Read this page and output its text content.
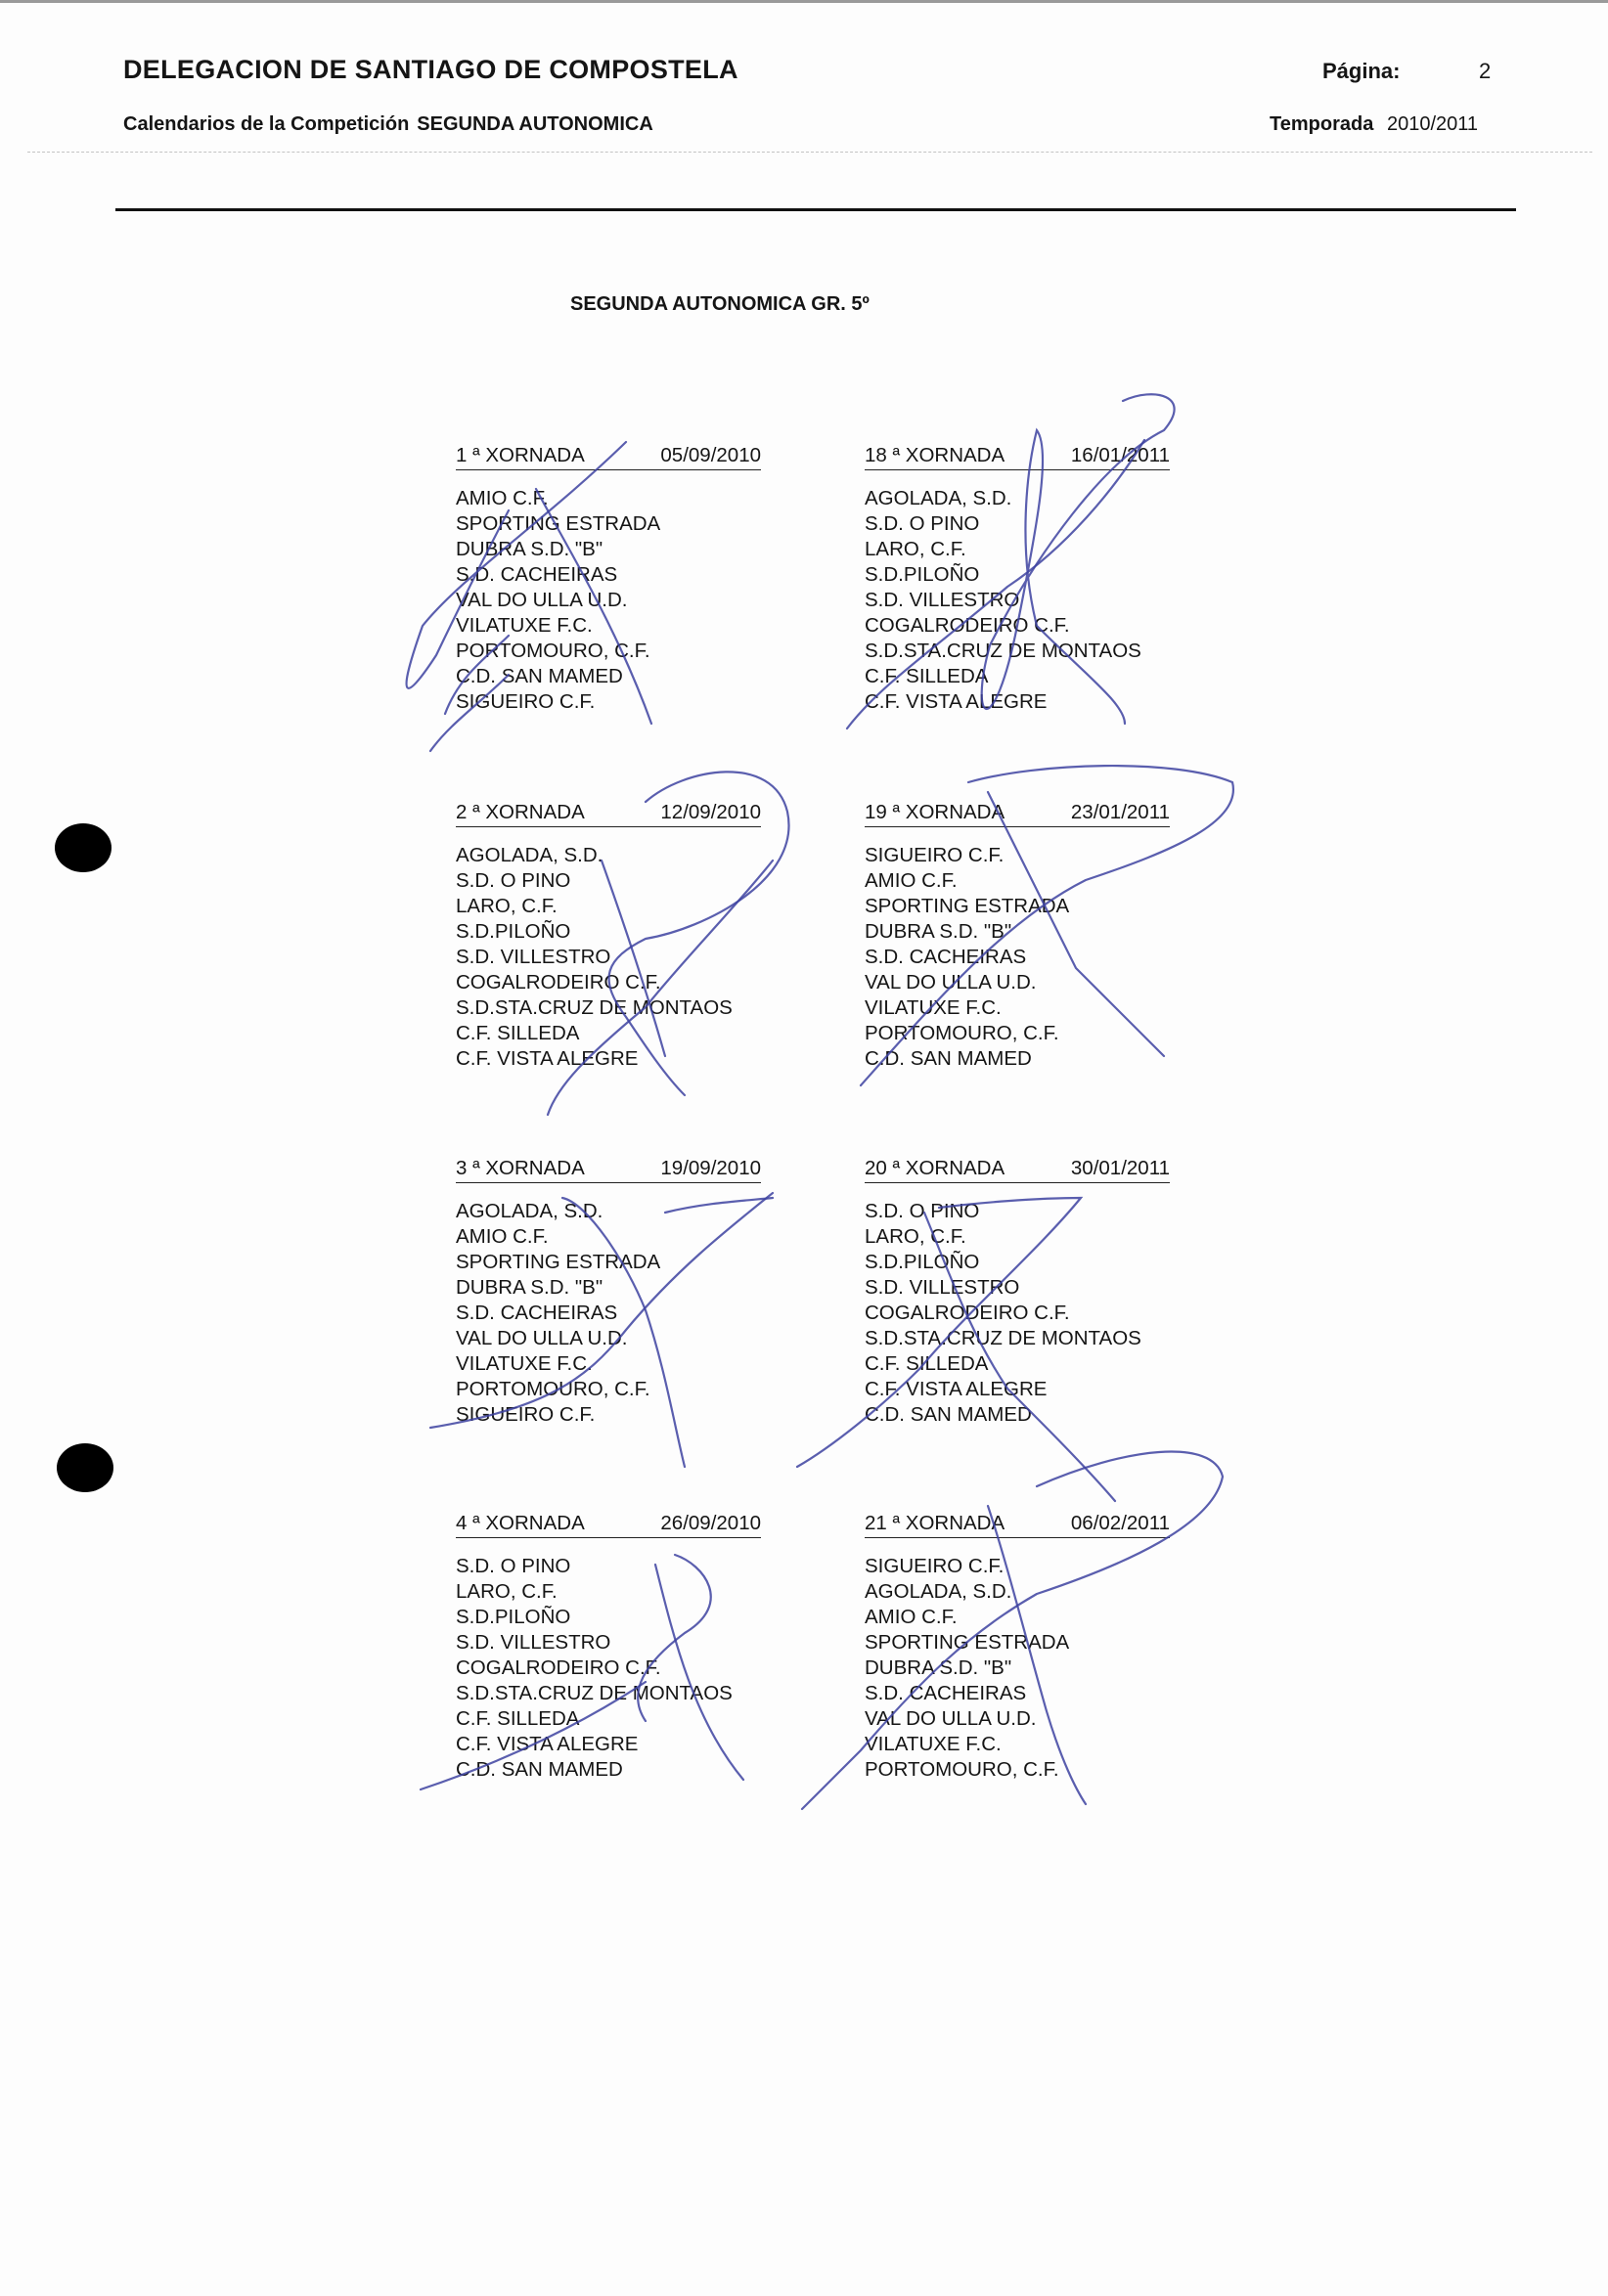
DELEGACION DE SANTIAGO DE COMPOSTELA	Página:	2
Calendarios de la Competición SEGUNDA AUTONOMICA	Temporada 2010/2011
SEGUNDA AUTONOMICA GR. 5º
1 ª XORNADA	05/09/2010
AMIO C.F.
SPORTING ESTRADA
DUBRA S.D. "B"
S.D. CACHEIRAS
VAL DO ULLA U.D.
VILATUXE F.C.
PORTOMOURO, C.F.
C.D. SAN MAMED
SIGUEIRO C.F.
18 ª XORNADA	16/01/2011
AGOLADA, S.D.
S.D. O PINO
LARO, C.F.
S.D.PILOÑO
S.D. VILLESTRO
COGALRODEIRO C.F.
S.D.STA.CRUZ DE MONTAOS
C.F. SILLEDA
C.F. VISTA ALEGRE
2 ª XORNADA	12/09/2010
AGOLADA, S.D.
S.D. O PINO
LARO, C.F.
S.D.PILOÑO
S.D. VILLESTRO
COGALRODEIRO C.F.
S.D.STA.CRUZ DE MONTAOS
C.F. SILLEDA
C.F. VISTA ALEGRE
19 ª XORNADA	23/01/2011
SIGUEIRO C.F.
AMIO C.F.
SPORTING ESTRADA
DUBRA S.D. "B"
S.D. CACHEIRAS
VAL DO ULLA U.D.
VILATUXE F.C.
PORTOMOURO, C.F.
C.D. SAN MAMED
3 ª XORNADA	19/09/2010
AGOLADA, S.D.
AMIO C.F.
SPORTING ESTRADA
DUBRA S.D. "B"
S.D. CACHEIRAS
VAL DO ULLA U.D.
VILATUXE F.C.
PORTOMOURO, C.F.
SIGUEIRO C.F.
20 ª XORNADA	30/01/2011
S.D. O PINO
LARO, C.F.
S.D.PILOÑO
S.D. VILLESTRO
COGALRODEIRO C.F.
S.D.STA.CRUZ DE MONTAOS
C.F. SILLEDA
C.F. VISTA ALEGRE
C.D. SAN MAMED
4 ª XORNADA	26/09/2010
S.D. O PINO
LARO, C.F.
S.D.PILOÑO
S.D. VILLESTRO
COGALRODEIRO C.F.
S.D.STA.CRUZ DE MONTAOS
C.F. SILLEDA
C.F. VISTA ALEGRE
C.D. SAN MAMED
21 ª XORNADA	06/02/2011
SIGUEIRO C.F.
AGOLADA, S.D.
AMIO C.F.
SPORTING ESTRADA
DUBRA S.D. "B"
S.D. CACHEIRAS
VAL DO ULLA U.D.
VILATUXE F.C.
PORTOMOURO, C.F.
